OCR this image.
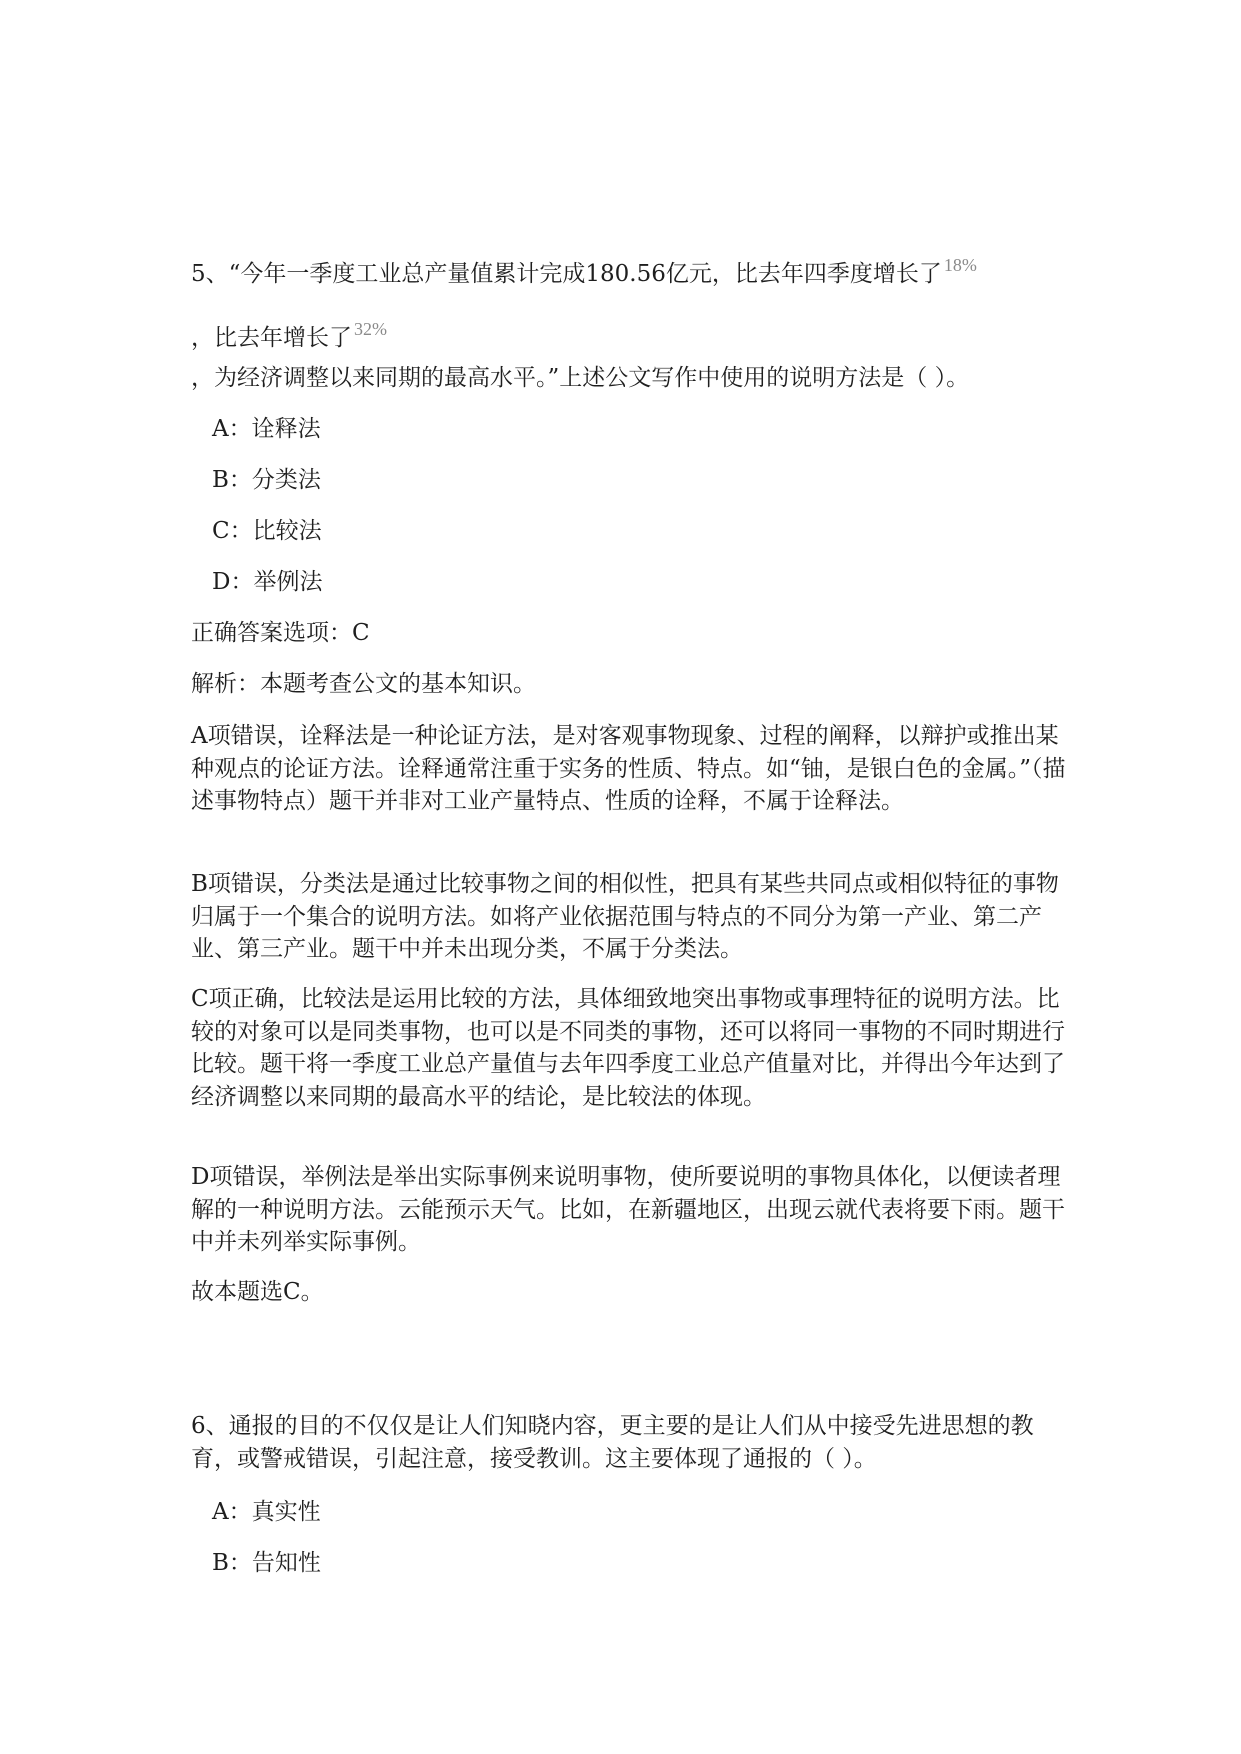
5、“今年一季度工业总产量值累计完成180.56亿元，比去年四季度增长了 $^{18\%}$
，比去年增长了 $^{32\%}$
，为经济调整以来同期的最高水平。”上述公文写作中使用的说明方法是（ ）。
A：诠释法
B：分类法
C：比较法
D：举例法
正确答案选项：C
解析：本题考查公文的基本知识。
A项错误，诠释法是一种论证方法，是对客观事物现象、过程的阐释，以辩护或推出某种观点的论证方法。诠释通常注重于实务的性质、特点。如“铀，是银白色的金属。”（描述事物特点）题干并非对工业产量特点、性质的诠释，不属于诠释法。
B项错误，分类法是通过比较事物之间的相似性，把具有某些共同点或相似特征的事物归属于一个集合的说明方法。如将产业依据范围与特点的不同分为第一产业、第二产业、第三产业。题干中并未出现分类，不属于分类法。
C项正确，比较法是运用比较的方法，具体细致地突出事物或事理特征的说明方法。比较的对象可以是同类事物，也可以是不同类的事物，还可以将同一事物的不同时期进行比较。题干将一季度工业总产量值与去年四季度工业总产值量对比，并得出今年达到了经济调整以来同期的最高水平的结论，是比较法的体现。
D项错误，举例法是举出实际事例来说明事物，使所要说明的事物具体化，以便读者理解的一种说明方法。云能预示天气。比如，在新疆地区，出现云就代表将要下雨。题干中并未列举实际事例。
故本题选C。
6、通报的目的不仅仅是让人们知晓内容，更主要的是让人们从中接受先进思想的教育，或警戒错误，引起注意，接受教训。这主要体现了通报的（ ）。
A：真实性
B：告知性
